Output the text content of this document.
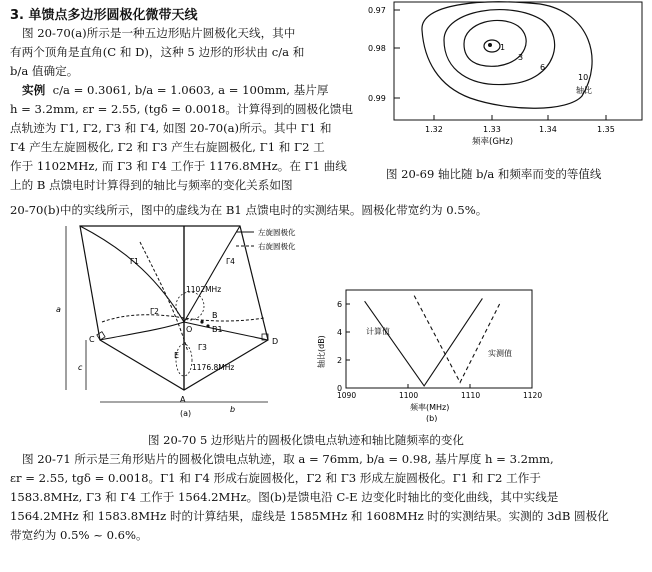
3. 单馈点多边形圆极化微带天线
图 20-70(a)所示是一种五边形贴片圆极化天线，其中
有两个顶角是直角(C 和 D)，这种 5 边形的形状由 c/a 和
b/a 值确定。
实例 c/a = 0.3061, b/a = 1.0603, a = 100mm, 基片厚
h = 3.2mm, εr = 2.55, (tgδ = 0.0018。计算得到的圆极化馈电
点轨迹为 Γ1, Γ2, Γ3 和 Γ4, 如图 20-70(a)所示。其中 Γ1 和
Γ4 产生左旋圆极化, Γ2 和 Γ3 产生右旋圆极化, Γ1 和 Γ2 工
作于 1102MHz, 而 Γ3 和 Γ4 工作于 1176.8MHz。在 Γ1 曲线
上的 B 点馈电时计算得到的轴比与频率的变化关系如图
0.97
0.98
0.99
1.32	1.33	1.34	1.35
频率(GHz)
1
3
6
10
轴比
图 20-69 轴比随 b/a 和频率而变的等值线
20-70(b)中的实线所示，图中的虚线为在 B1 点馈电时的实测结果。圆极化带宽约为 0.5%。
左旋圆极化
右旋圆极化
1102MHz
1176.8MHz
O
B
B1
C	D
E
A
Γ1
Γ2
Γ3
Γ4
a
c
b
(a)
轴比(dB)
0
2
4
6
1090	1100	1110	1120
计算值
实测值
频率(MHz)
(b)
图 20-70 5 边形贴片的圆极化馈电点轨迹和轴比随频率的变化
图 20-71 所示是三角形贴片的圆极化馈电点轨迹，取 a = 76mm, b/a = 0.98, 基片厚度 h = 3.2mm,
εr = 2.55, tgδ = 0.0018。Γ1 和 Γ4 形成右旋圆极化，Γ2 和 Γ3 形成左旋圆极化。Γ1 和 Γ2 工作于
1583.8MHz, Γ3 和 Γ4 工作于 1564.2MHz。图(b)是馈电沿 C-E 边变化时轴比的变化曲线，其中实线是
1564.2MHz 和 1583.8MHz 时的计算结果，虚线是 1585MHz 和 1608MHz 时的实测结果。实测的 3dB 圆极化
带宽约为 0.5% ~ 0.6%。
